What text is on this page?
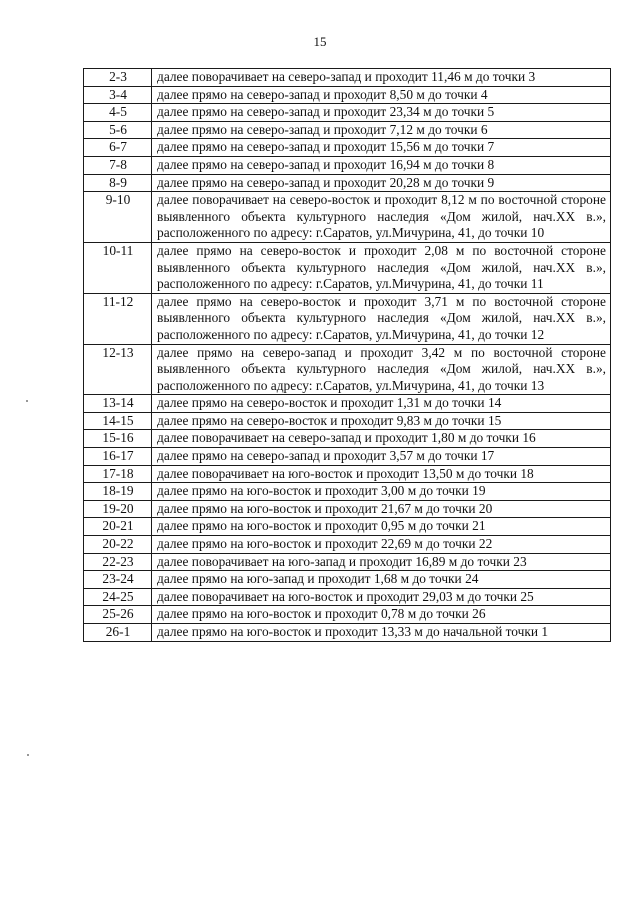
15
2-3	далее поворачивает на северо-запад и проходит 11,46 м до точки 3
3-4	далее прямо на северо-запад и проходит 8,50 м до точки 4
4-5	далее прямо на северо-запад и проходит 23,34 м до точки 5
5-6	далее прямо на северо-запад и проходит 7,12 м до точки 6
6-7	далее прямо на северо-запад и проходит 15,56 м до точки 7
7-8	далее прямо на северо-запад и проходит 16,94 м до точки 8
8-9	далее прямо на северо-запад и проходит 20,28 м до точки 9
9-10	далее поворачивает на северо-восток и проходит 8,12 м по восточной стороне выявленного объекта культурного наследия «Дом жилой, нач.XX в.», расположенного по адресу: г.Саратов, ул.Мичурина, 41, до точки 10
10-11	далее прямо на северо-восток и проходит 2,08 м по восточной стороне выявленного объекта культурного наследия «Дом жилой, нач.XX в.», расположенного по адресу: г.Саратов, ул.Мичурина, 41, до точки 11
11-12	далее прямо на северо-восток и проходит 3,71 м по восточной стороне выявленного объекта культурного наследия «Дом жилой, нач.XX в.», расположенного по адресу: г.Саратов, ул.Мичурина, 41, до точки 12
12-13	далее прямо на северо-запад и проходит 3,42 м по восточной стороне выявленного объекта культурного наследия «Дом жилой, нач.XX в.», расположенного по адресу: г.Саратов, ул.Мичурина, 41, до точки 13
13-14	далее прямо на северо-восток и проходит 1,31 м до точки 14
14-15	далее прямо на северо-восток и проходит 9,83 м до точки 15
15-16	далее поворачивает на северо-запад и проходит 1,80 м до точки 16
16-17	далее прямо на северо-запад и проходит 3,57 м до точки 17
17-18	далее поворачивает на юго-восток и проходит 13,50 м до точки 18
18-19	далее прямо на юго-восток и проходит 3,00 м до точки 19
19-20	далее прямо на юго-восток и проходит 21,67 м до точки 20
20-21	далее прямо на юго-восток и проходит 0,95 м до точки 21
20-22	далее прямо на юго-восток и проходит 22,69 м до точки 22
22-23	далее поворачивает на юго-запад и проходит 16,89 м до точки 23
23-24	далее прямо на юго-запад и проходит 1,68 м до точки 24
24-25	далее поворачивает на юго-восток и проходит 29,03 м до точки 25
25-26	далее прямо на юго-восток и проходит 0,78 м до точки 26
26-1	далее прямо на юго-восток и проходит 13,33 м до начальной точки 1
